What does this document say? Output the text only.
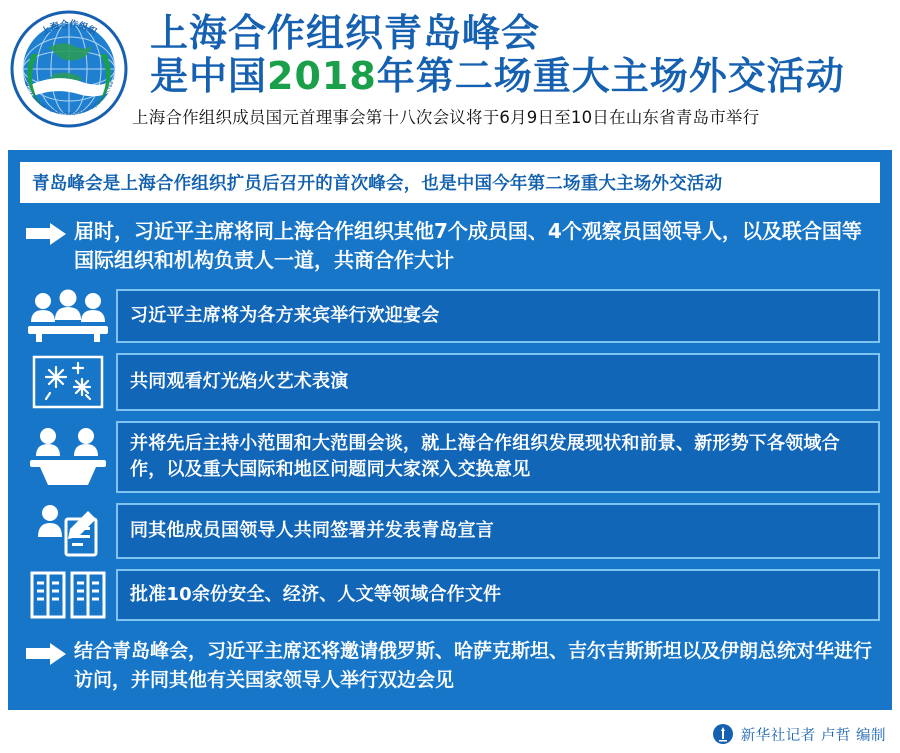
上海合作组织
Шанхайская Организация Сотрудничества
上海合作组织青岛峰会
是中国2018年第二场重大主场外交活动
上海合作组织成员国元首理事会第十八次会议将于6月9日至10日在山东省青岛市举行
青岛峰会是上海合作组织扩员后召开的首次峰会，也是中国今年第二场重大主场外交活动
届时，习近平主席将同上海合作组织其他7个成员国、4个观察员国领导人，以及联合国等国际组织和机构负责人一道，共商合作大计
习近平主席将为各方来宾举行欢迎宴会
共同观看灯光焰火艺术表演
并将先后主持小范围和大范围会谈，就上海合作组织发展现状和前景、新形势下各领域合作，以及重大国际和地区问题同大家深入交换意见
同其他成员国领导人共同签署并发表青岛宣言
批准10余份安全、经济、人文等领域合作文件
结合青岛峰会，习近平主席还将邀请俄罗斯、哈萨克斯坦、吉尔吉斯斯坦以及伊朗总统对华进行访问，并同其他有关国家领导人举行双边会见
新华社记者 卢哲 编制
